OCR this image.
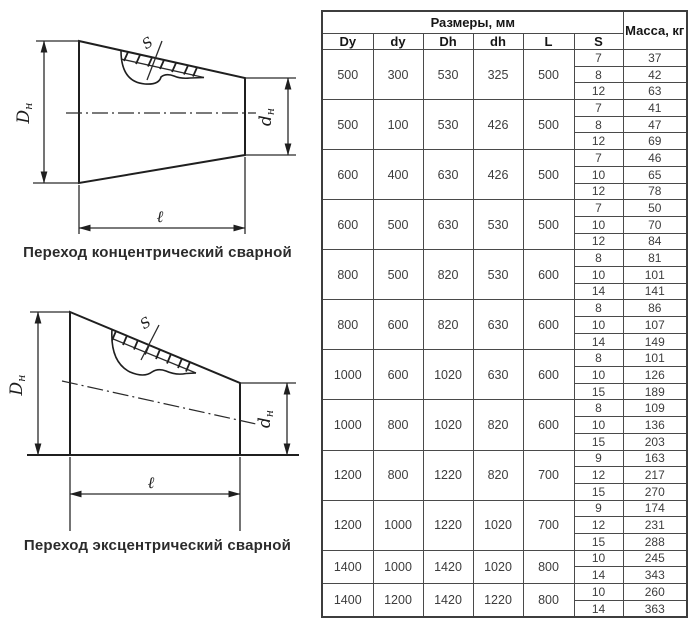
S
Dн
dн
ℓ
S
Dн
dн
ℓ
Переход концентрический сварной
Переход эксцентрический сварной
Размеры, мм						Масса, кг
Dy	dy	Dh	dh	L	S	
500	300	530	325	500	7	37
					8	42
					12	63
500	100	530	426	500	7	41
					8	47
					12	69
600	400	630	426	500	7	46
					10	65
					12	78
600	500	630	530	500	7	50
					10	70
					12	84
800	500	820	530	600	8	81
					10	101
					14	141
800	600	820	630	600	8	86
					10	107
					14	149
1000	600	1020	630	600	8	101
					10	126
					15	189
1000	800	1020	820	600	8	109
					10	136
					15	203
1200	800	1220	820	700	9	163
					12	217
					15	270
1200	1000	1220	1020	700	9	174
					12	231
					15	288
1400	1000	1420	1020	800	10	245
					14	343
1400	1200	1420	1220	800	10	260
					14	363
